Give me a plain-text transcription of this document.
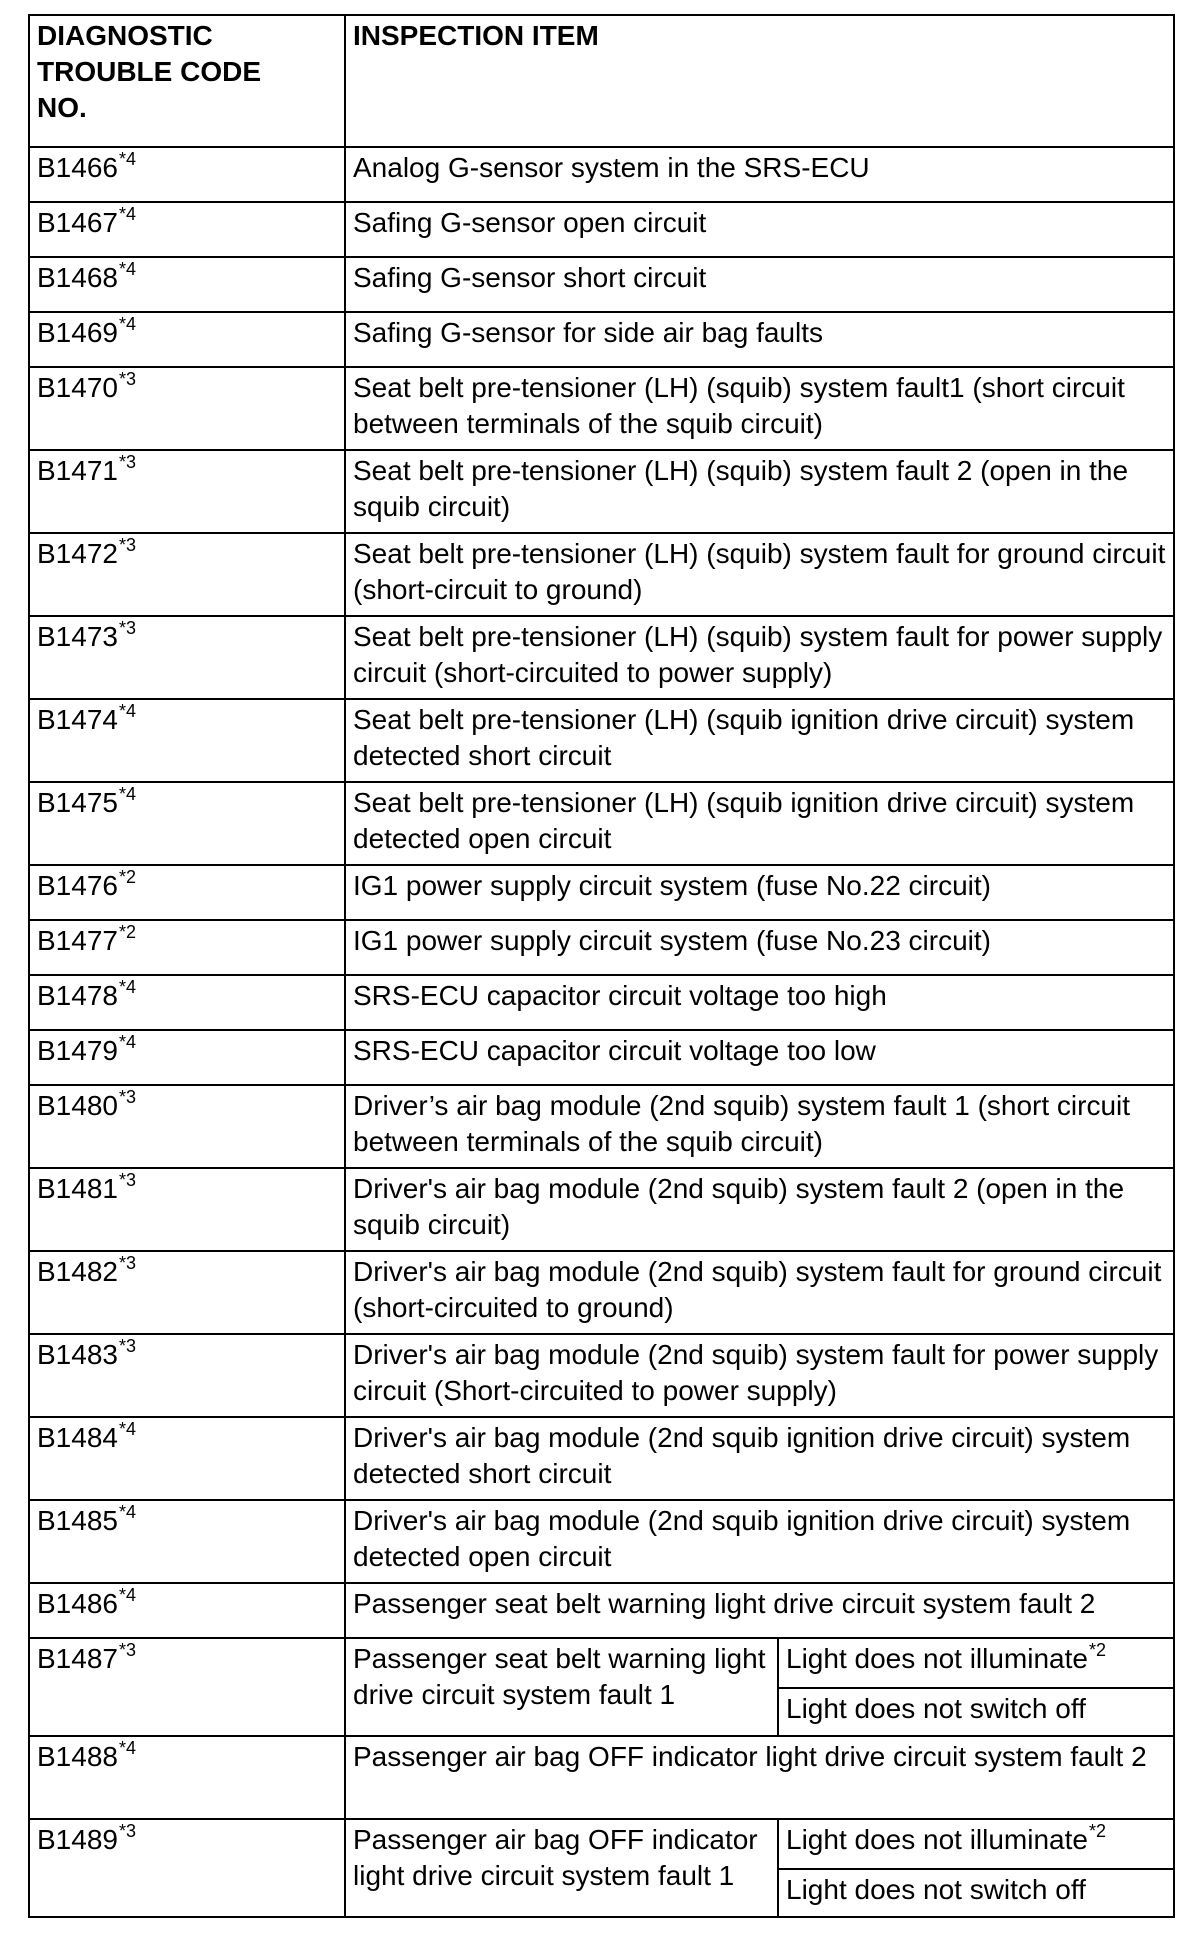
DIAGNOSTIC TROUBLE CODE NO.	INSPECTION ITEM	
B1466$^{*4}$	Analog G-sensor system in the SRS-ECU	
B1467$^{*4}$	Safing G-sensor open circuit	
B1468$^{*4}$	Safing G-sensor short circuit	
B1469$^{*4}$	Safing G-sensor for side air bag faults	
B1470$^{*3}$	Seat belt pre-tensioner (LH) (squib) system fault1 (short circuit between terminals of the squib circuit)	
B1471$^{*3}$	Seat belt pre-tensioner (LH) (squib) system fault 2 (open in the squib circuit)	
B1472$^{*3}$	Seat belt pre-tensioner (LH) (squib) system fault for ground circuit (short-circuit to ground)	
B1473$^{*3}$	Seat belt pre-tensioner (LH) (squib) system fault for power supply circuit (short-circuited to power supply)	
B1474$^{*4}$	Seat belt pre-tensioner (LH) (squib ignition drive circuit) system detected short circuit	
B1475$^{*4}$	Seat belt pre-tensioner (LH) (squib ignition drive circuit) system detected open circuit	
B1476$^{*2}$	IG1 power supply circuit system (fuse No.22 circuit)	
B1477$^{*2}$	IG1 power supply circuit system (fuse No.23 circuit)	
B1478$^{*4}$	SRS-ECU capacitor circuit voltage too high	
B1479$^{*4}$	SRS-ECU capacitor circuit voltage too low	
B1480$^{*3}$	Driver’s air bag module (2nd squib) system fault 1 (short circuit between terminals of the squib circuit)	
B1481$^{*3}$	Driver's air bag module (2nd squib) system fault 2 (open in the squib circuit)	
B1482$^{*3}$	Driver's air bag module (2nd squib) system fault for ground circuit (short-circuited to ground)	
B1483$^{*3}$	Driver's air bag module (2nd squib) system fault for power supply circuit (Short-circuited to power supply)	
B1484$^{*4}$	Driver's air bag module (2nd squib ignition drive circuit) system detected short circuit	
B1485$^{*4}$	Driver's air bag module (2nd squib ignition drive circuit) system detected open circuit	
B1486$^{*4}$	Passenger seat belt warning light drive circuit system fault 2	
B1487$^{*3}$	Passenger seat belt warning light drive circuit system fault 1	Light does not illuminate$^{*2}$
		Light does not switch off
B1488$^{*4}$	Passenger air bag OFF indicator light drive circuit system fault 2	
B1489$^{*3}$	Passenger air bag OFF indicator light drive circuit system fault 1	Light does not illuminate$^{*2}$
		Light does not switch off
